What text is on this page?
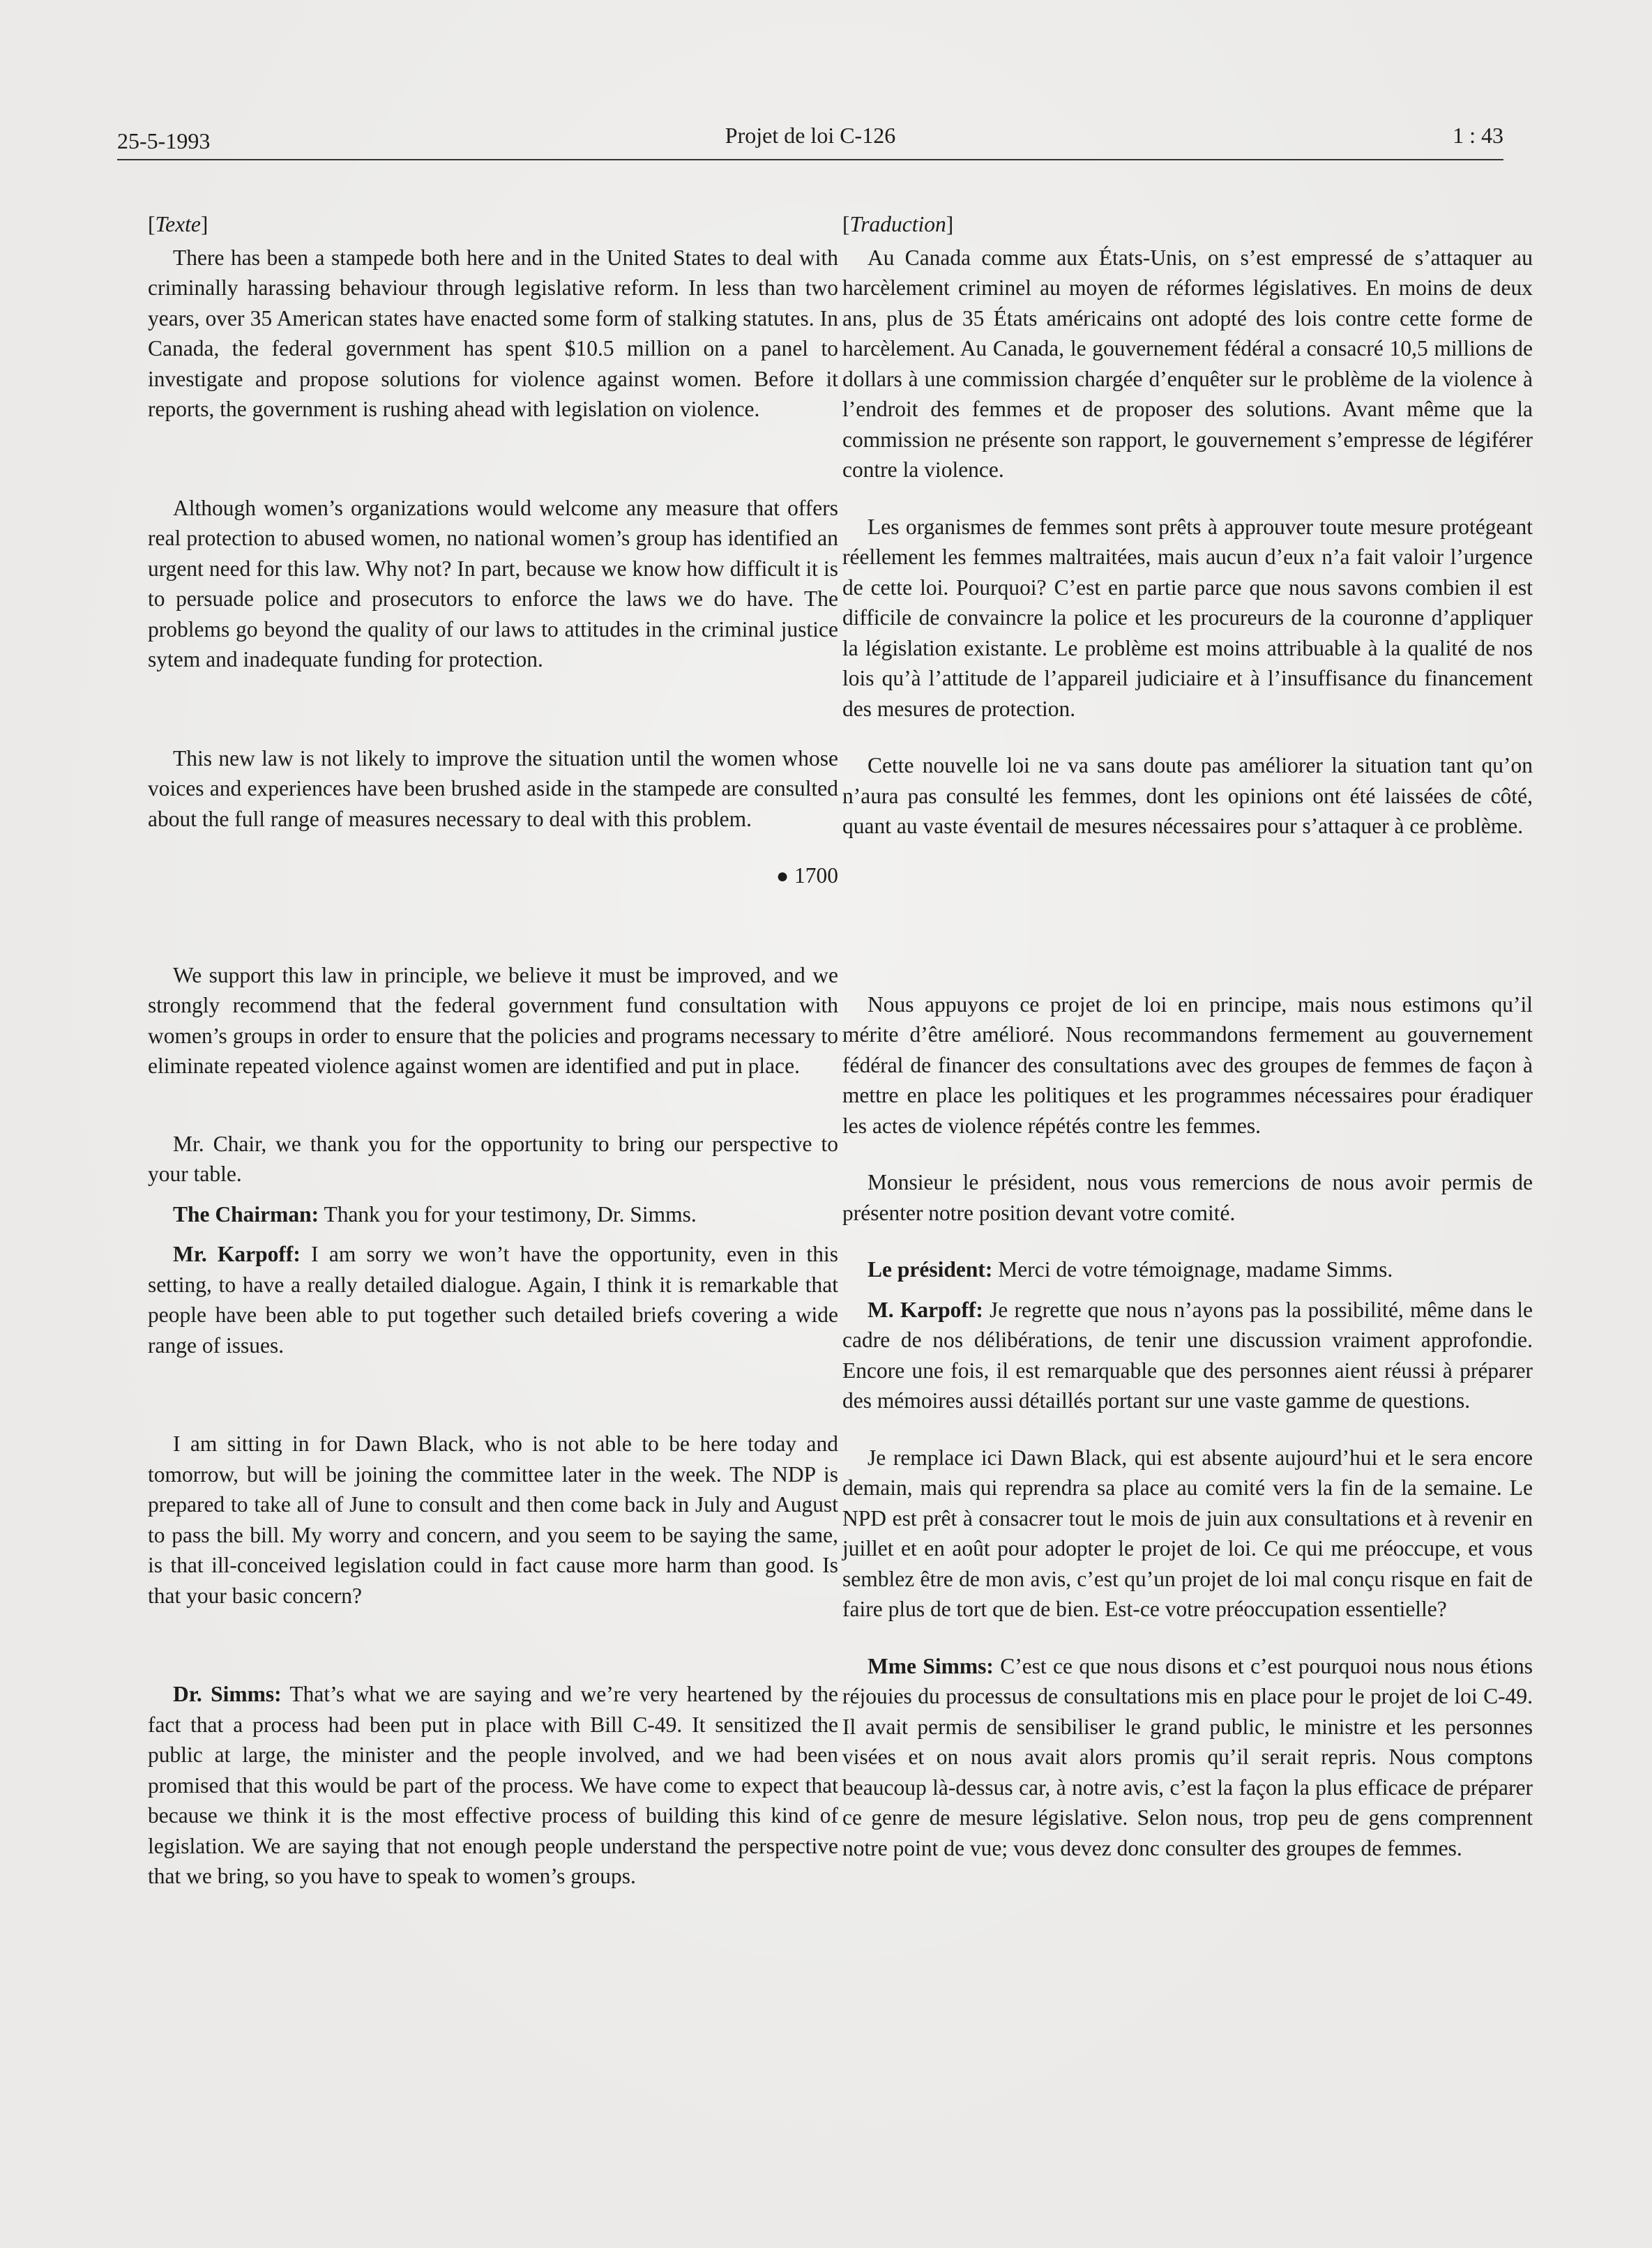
25-5-1993	Projet de loi C-126	1 : 43

[Texte]

There has been a stampede both here and in the United States to deal with criminally harassing behaviour through legislative reform. In less than two years, over 35 American states have enacted some form of stalking statutes. In Canada, the federal government has spent $10.5 million on a panel to investigate and propose solutions for violence against women. Before it reports, the government is rushing ahead with legislation on violence.

Although women’s organizations would welcome any measure that offers real protection to abused women, no national women’s group has identified an urgent need for this law. Why not? In part, because we know how difficult it is to persuade police and prosecutors to enforce the laws we do have. The problems go beyond the quality of our laws to attitudes in the criminal justice sytem and inadequate funding for protection.

This new law is not likely to improve the situation until the women whose voices and experiences have been brushed aside in the stampede are consulted about the full range of measures necessary to deal with this problem.

● 1700

We support this law in principle, we believe it must be improved, and we strongly recommend that the federal government fund consultation with women’s groups in order to ensure that the policies and programs necessary to eliminate repeated violence against women are identified and put in place.

Mr. Chair, we thank you for the opportunity to bring our perspective to your table.

The Chairman: Thank you for your testimony, Dr. Simms.

Mr. Karpoff: I am sorry we won’t have the opportunity, even in this setting, to have a really detailed dialogue. Again, I think it is remarkable that people have been able to put together such detailed briefs covering a wide range of issues.

I am sitting in for Dawn Black, who is not able to be here today and tomorrow, but will be joining the committee later in the week. The NDP is prepared to take all of June to consult and then come back in July and August to pass the bill. My worry and concern, and you seem to be saying the same, is that ill-conceived legislation could in fact cause more harm than good. Is that your basic concern?

Dr. Simms: That’s what we are saying and we’re very heartened by the fact that a process had been put in place with Bill C-49. It sensitized the public at large, the minister and the people involved, and we had been promised that this would be part of the process. We have come to expect that because we think it is the most effective process of building this kind of legislation. We are saying that not enough people understand the perspective that we bring, so you have to speak to women’s groups.

[Traduction]

Au Canada comme aux États-Unis, on s’est empressé de s’attaquer au harcèlement criminel au moyen de réformes législatives. En moins de deux ans, plus de 35 États américains ont adopté des lois contre cette forme de harcèlement. Au Canada, le gouvernement fédéral a consacré 10,5 millions de dollars à une commission chargée d’enquêter sur le problème de la violence à l’endroit des femmes et de proposer des solutions. Avant même que la commission ne présente son rapport, le gouvernement s’empresse de légiférer contre la violence.

Les organismes de femmes sont prêts à approuver toute mesure protégeant réellement les femmes maltraitées, mais aucun d’eux n’a fait valoir l’urgence de cette loi. Pourquoi? C’est en partie parce que nous savons combien il est difficile de convaincre la police et les procureurs de la couronne d’appliquer la législation existante. Le problème est moins attribuable à la qualité de nos lois qu’à l’attitude de l’appareil judiciaire et à l’insuffisance du financement des mesures de protection.

Cette nouvelle loi ne va sans doute pas améliorer la situation tant qu’on n’aura pas consulté les femmes, dont les opinions ont été laissées de côté, quant au vaste éventail de mesures nécessaires pour s’attaquer à ce problème.

Nous appuyons ce projet de loi en principe, mais nous estimons qu’il mérite d’être amélioré. Nous recommandons fermement au gouvernement fédéral de financer des consultations avec des groupes de femmes de façon à mettre en place les politiques et les programmes nécessaires pour éradiquer les actes de violence répétés contre les femmes.

Monsieur le président, nous vous remercions de nous avoir permis de présenter notre position devant votre comité.

Le président: Merci de votre témoignage, madame Simms.

M. Karpoff: Je regrette que nous n’ayons pas la possibilité, même dans le cadre de nos délibérations, de tenir une discussion vraiment approfondie. Encore une fois, il est remarquable que des personnes aient réussi à préparer des mémoires aussi détaillés portant sur une vaste gamme de questions.

Je remplace ici Dawn Black, qui est absente aujourd’hui et le sera encore demain, mais qui reprendra sa place au comité vers la fin de la semaine. Le NPD est prêt à consacrer tout le mois de juin aux consultations et à revenir en juillet et en août pour adopter le projet de loi. Ce qui me préoccupe, et vous semblez être de mon avis, c’est qu’un projet de loi mal conçu risque en fait de faire plus de tort que de bien. Est-ce votre préoccupation essentielle?

Mme Simms: C’est ce que nous disons et c’est pourquoi nous nous étions réjouies du processus de consultations mis en place pour le projet de loi C-49. Il avait permis de sensibiliser le grand public, le ministre et les personnes visées et on nous avait alors promis qu’il serait repris. Nous comptons beaucoup là-dessus car, à notre avis, c’est la façon la plus efficace de préparer ce genre de mesure législative. Selon nous, trop peu de gens comprennent notre point de vue; vous devez donc consulter des groupes de femmes.
